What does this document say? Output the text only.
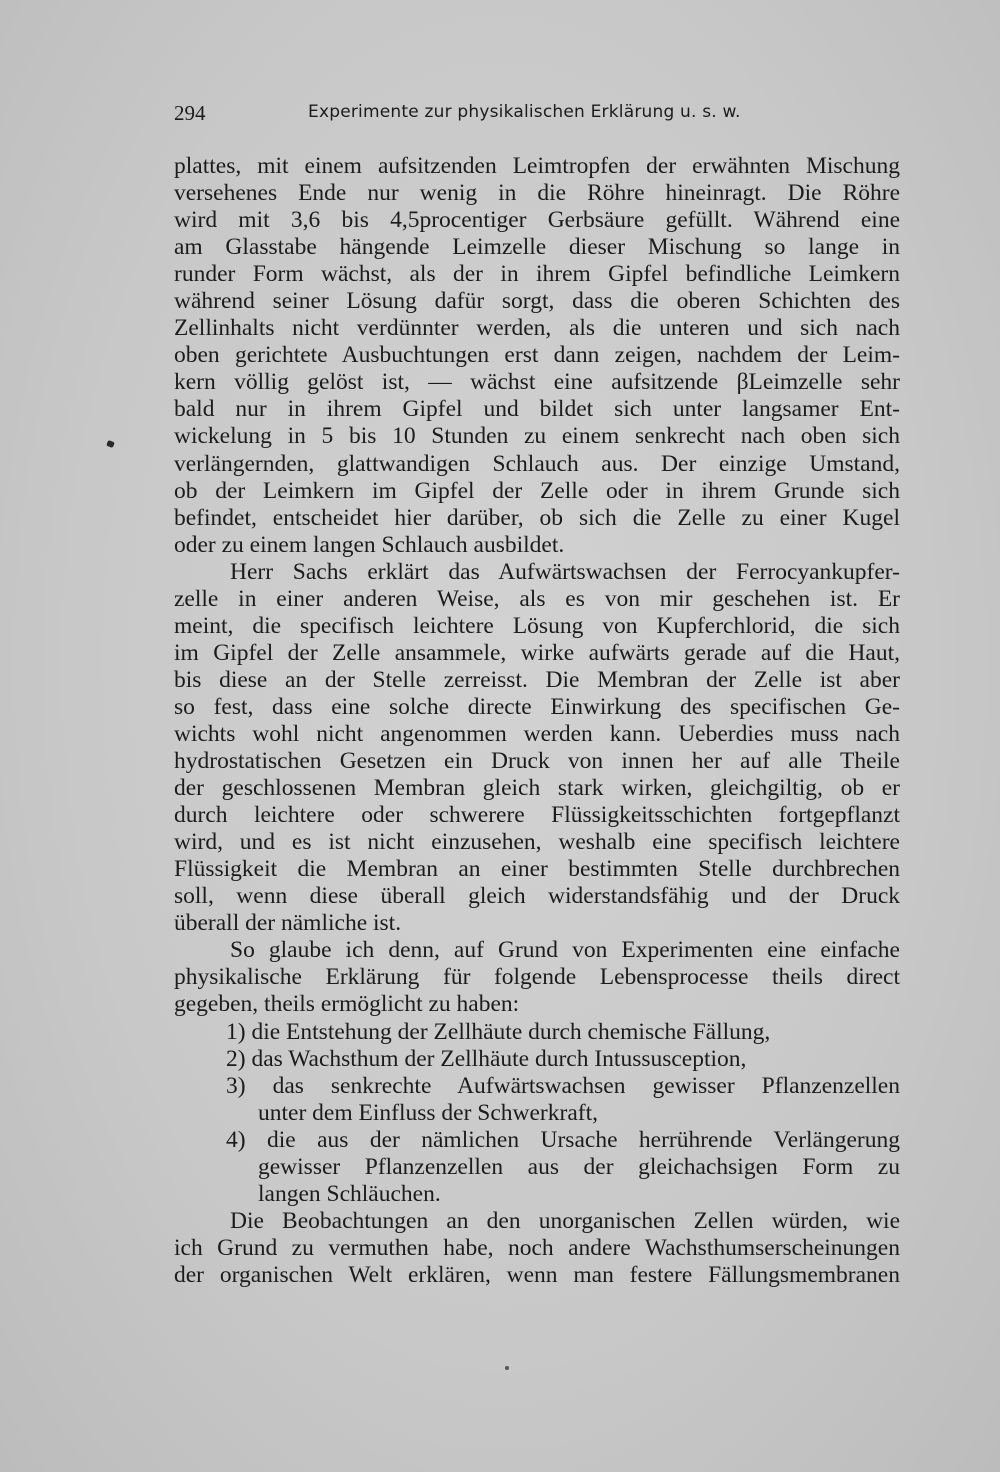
294	Experimente zur physikalischen Erklärung u. s. w.
plattes, mit einem aufsitzenden Leimtropfen der erwähnten Mischung
versehenes Ende nur wenig in die Röhre hineinragt. Die Röhre
wird mit 3,6 bis 4,5procentiger Gerbsäure gefüllt. Während eine
am Glasstabe hängende Leimzelle dieser Mischung so lange in
runder Form wächst, als der in ihrem Gipfel befindliche Leimkern
während seiner Lösung dafür sorgt, dass die oberen Schichten des
Zellinhalts nicht verdünnter werden, als die unteren und sich nach
oben gerichtete Ausbuchtungen erst dann zeigen, nachdem der Leim-
kern völlig gelöst ist, — wächst eine aufsitzende βLeimzelle sehr
bald nur in ihrem Gipfel und bildet sich unter langsamer Ent-
wickelung in 5 bis 10 Stunden zu einem senkrecht nach oben sich
verlängernden, glattwandigen Schlauch aus. Der einzige Umstand,
ob der Leimkern im Gipfel der Zelle oder in ihrem Grunde sich
befindet, entscheidet hier darüber, ob sich die Zelle zu einer Kugel
oder zu einem langen Schlauch ausbildet.
Herr Sachs erklärt das Aufwärtswachsen der Ferrocyankupfer-
zelle in einer anderen Weise, als es von mir geschehen ist. Er
meint, die specifisch leichtere Lösung von Kupferchlorid, die sich
im Gipfel der Zelle ansammele, wirke aufwärts gerade auf die Haut,
bis diese an der Stelle zerreisst. Die Membran der Zelle ist aber
so fest, dass eine solche directe Einwirkung des specifischen Ge-
wichts wohl nicht angenommen werden kann. Ueberdies muss nach
hydrostatischen Gesetzen ein Druck von innen her auf alle Theile
der geschlossenen Membran gleich stark wirken, gleichgiltig, ob er
durch leichtere oder schwerere Flüssigkeitsschichten fortgepflanzt
wird, und es ist nicht einzusehen, weshalb eine specifisch leichtere
Flüssigkeit die Membran an einer bestimmten Stelle durchbrechen
soll, wenn diese überall gleich widerstandsfähig und der Druck
überall der nämliche ist.
So glaube ich denn, auf Grund von Experimenten eine einfache
physikalische Erklärung für folgende Lebensprocesse theils direct
gegeben, theils ermöglicht zu haben:
1) die Entstehung der Zellhäute durch chemische Fällung,
2) das Wachsthum der Zellhäute durch Intussusception,
3) das senkrechte Aufwärtswachsen gewisser Pflanzenzellen
unter dem Einfluss der Schwerkraft,
4) die aus der nämlichen Ursache herrührende Verlängerung
gewisser Pflanzenzellen aus der gleichachsigen Form zu
langen Schläuchen.
Die Beobachtungen an den unorganischen Zellen würden, wie
ich Grund zu vermuthen habe, noch andere Wachsthumserscheinungen
der organischen Welt erklären, wenn man festere Fällungsmembranen
